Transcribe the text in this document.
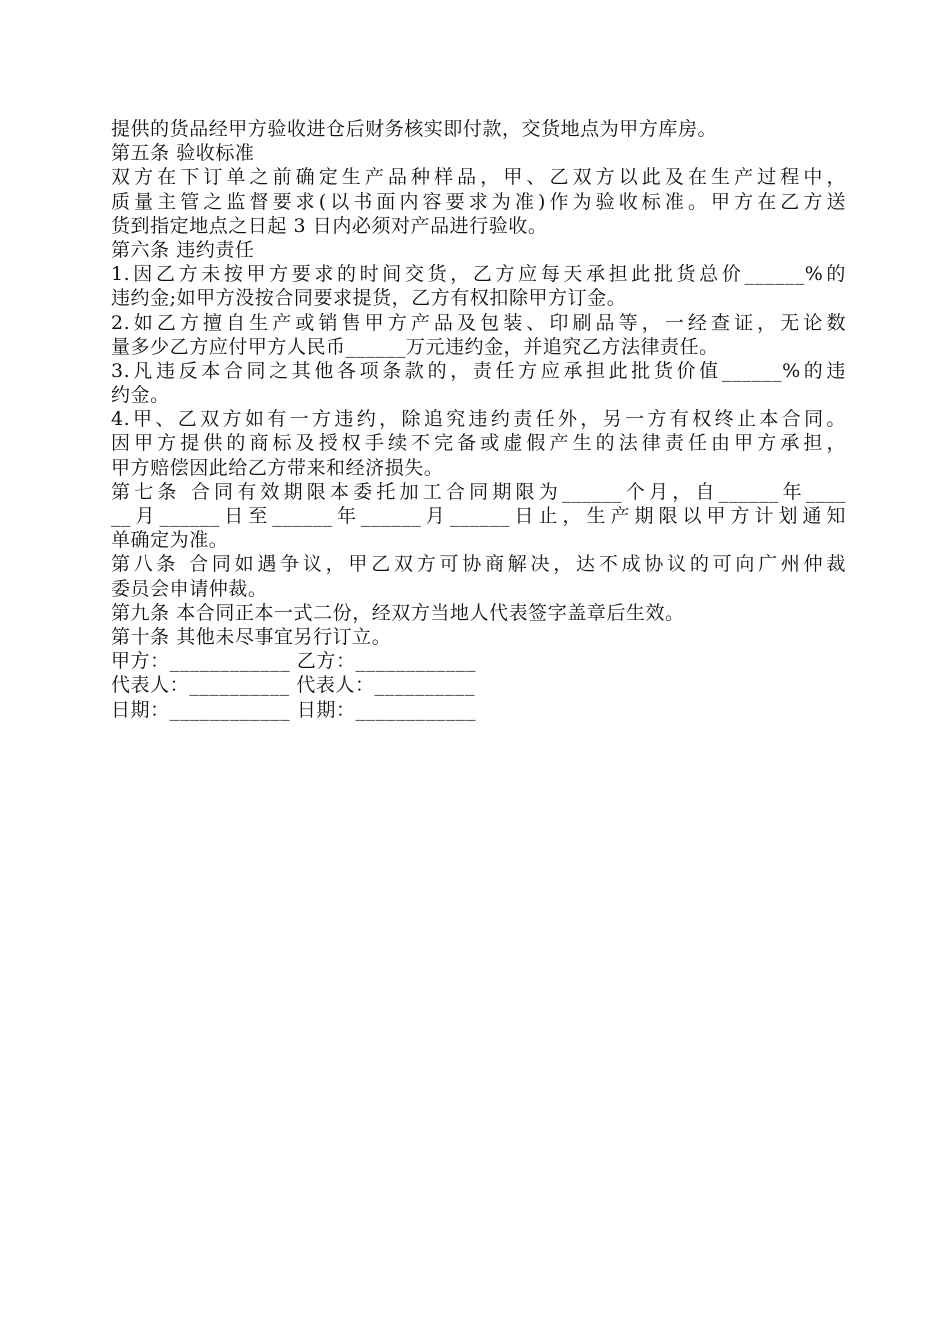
提供的货品经甲方验收进仓后财务核实即付款，交货地点为甲方库房。
第五条 验收标准
双方在下订单之前确定生产品种样品，甲、乙双方以此及在生产过程中，
质量主管之监督要求(以书面内容要求为准)作为验收标准。甲方在乙方送
货到指定地点之日起 3 日内必须对产品进行验收。
第六条 违约责任
1.因乙方未按甲方要求的时间交货，乙方应每天承担此批货总价______%的
违约金;如甲方没按合同要求提货，乙方有权扣除甲方订金。
2.如乙方擅自生产或销售甲方产品及包装、印刷品等，一经查证，无论数
量多少乙方应付甲方人民币______万元违约金，并追究乙方法律责任。
3.凡违反本合同之其他各项条款的，责任方应承担此批货价值______%的违
约金。
4.甲、乙双方如有一方违约，除追究违约责任外，另一方有权终止本合同。
因甲方提供的商标及授权手续不完备或虚假产生的法律责任由甲方承担，
甲方赔偿因此给乙方带来和经济损失。
第七条 合同有效期限本委托加工合同期限为______个月，自______年____
__月______日至______年______月______日止，生产期限以甲方计划通知
单确定为准。
第八条 合同如遇争议，甲乙双方可协商解决，达不成协议的可向广州仲裁
委员会申请仲裁。
第九条 本合同正本一式二份，经双方当地人代表签字盖章后生效。
第十条 其他未尽事宜另行订立。
甲方：____________ 乙方：____________
代表人：__________ 代表人：__________
日期：____________ 日期：____________
